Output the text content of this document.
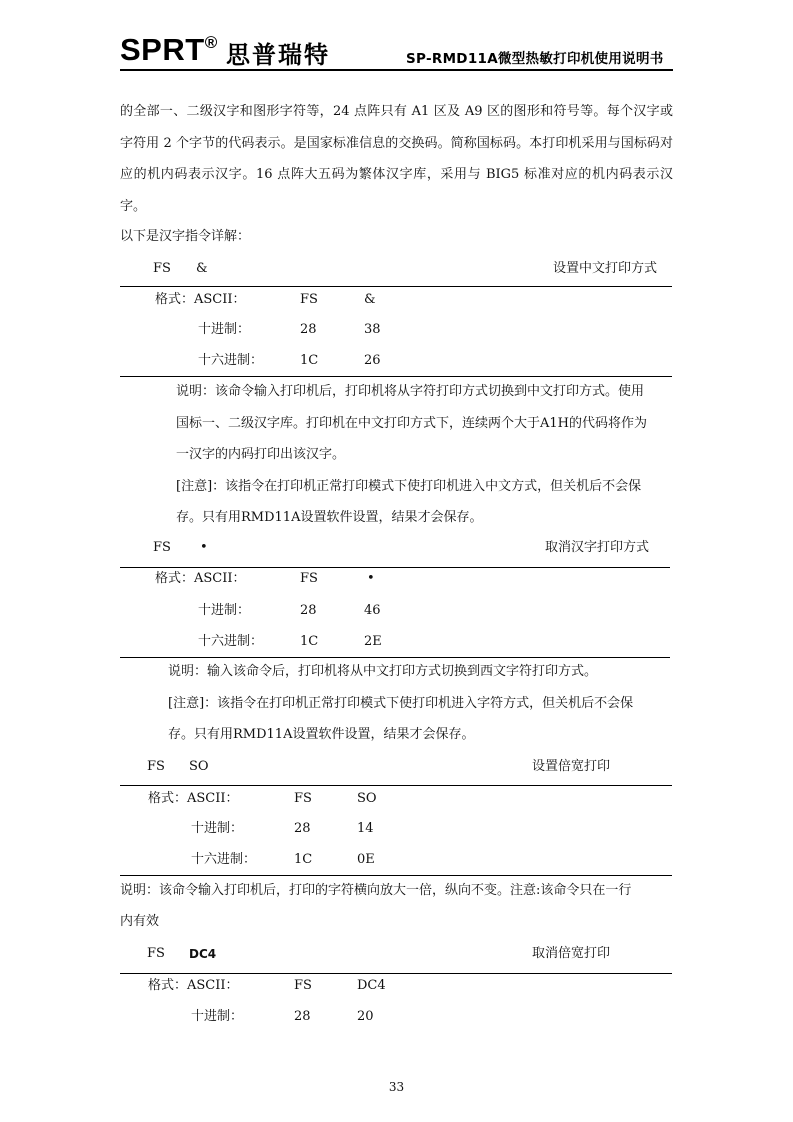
SPRT® 思普瑞特	SP-RMD11A微型热敏打印机使用说明书
的全部一、二级汉字和图形字符等，24 点阵只有 A1 区及 A9 区的图形和符号等。每个汉字或字符用 2 个字节的代码表示。是国家标准信息的交换码。简称国标码。本打印机采用与国标码对应的机内码表示汉字。16 点阵大五码为繁体汉字库，采用与 BIG5 标准对应的机内码表示汉字。
以下是汉字指令详解：
FS &	设置中文打印方式
格式：ASCII：	FS	&
十进制：	28	38
十六进制：	1C	26
说明：该命令输入打印机后，打印机将从字符打印方式切换到中文打印方式。使用
国标一、二级汉字库。打印机在中文打印方式下，连续两个大于A1H的代码将作为
一汉字的内码打印出该汉字。
[注意]：该指令在打印机正常打印模式下使打印机进入中文方式，但关机后不会保
存。只有用RMD11A设置软件设置，结果才会保存。
FS •	取消汉字打印方式
格式：ASCII：	FS	•
十进制：	28	46
十六进制：	1C	2E
说明：输入该命令后，打印机将从中文打印方式切换到西文字符打印方式。
[注意]：该指令在打印机正常打印模式下使打印机进入字符方式，但关机后不会保
存。只有用RMD11A设置软件设置，结果才会保存。
FS SO	设置倍宽打印
格式：ASCII：	FS	SO
十进制：	28	14
十六进制：	1C	0E
说明：该命令输入打印机后，打印的字符横向放大一倍，纵向不变。注意:该命令只在一行
内有效
FS DC4	取消倍宽打印
格式：ASCII：	FS	DC4
十进制：	28	20
33
